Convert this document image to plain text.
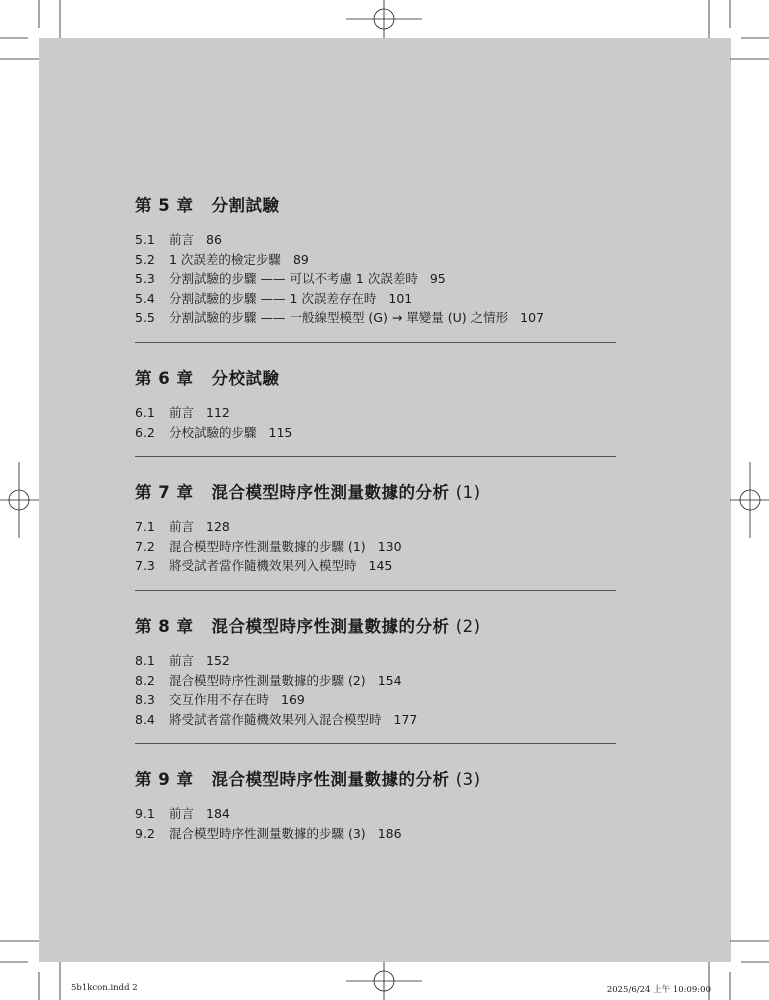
第 5 章 分割試驗
5.1 前言 86
5.2 1 次誤差的檢定步驟 89
5.3 分割試驗的步驟 —— 可以不考慮 1 次誤差時 95
5.4 分割試驗的步驟 —— 1 次誤差存在時 101
5.5 分割試驗的步驟 —— 一般線型模型 (G) → 單變量 (U) 之情形 107
第 6 章 分校試驗
6.1 前言 112
6.2 分校試驗的步驟 115
第 7 章 混合模型時序性測量數據的分析 (1)
7.1 前言 128
7.2 混合模型時序性測量數據的步驟 (1) 130
7.3 將受試者當作隨機效果列入模型時 145
第 8 章 混合模型時序性測量數據的分析 (2)
8.1 前言 152
8.2 混合模型時序性測量數據的步驟 (2) 154
8.3 交互作用不存在時 169
8.4 將受試者當作隨機效果列入混合模型時 177
第 9 章 混合模型時序性測量數據的分析 (3)
9.1 前言 184
9.2 混合模型時序性測量數據的步驟 (3) 186
5b1kcon.indd 2	2025/6/24 上午 10:09:00
